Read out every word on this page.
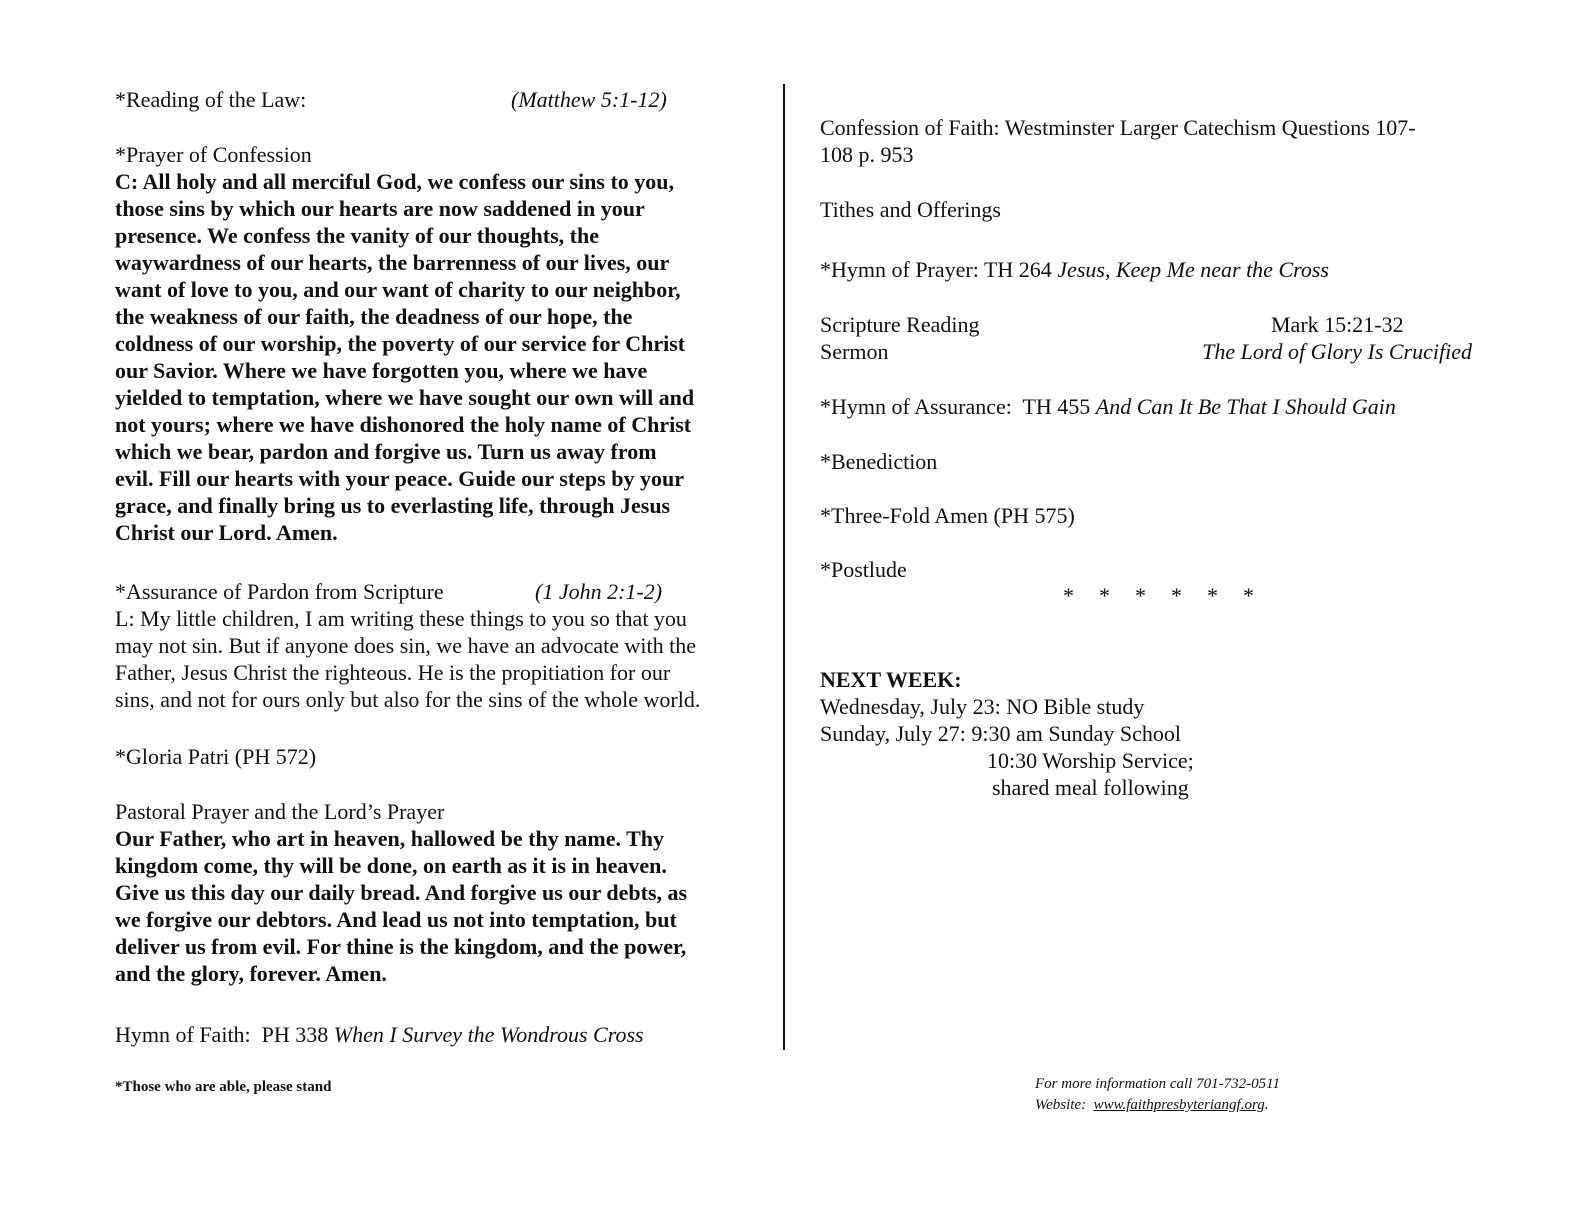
*Reading of the Law:	(Matthew 5:1-12)

*Prayer of Confession

C: All holy and all merciful God, we confess our sins to you,

those sins by which our hearts are now saddened in your

presence. We confess the vanity of our thoughts, the

waywardness of our hearts, the barrenness of our lives, our

want of love to you, and our want of charity to our neighbor,

the weakness of our faith, the deadness of our hope, the

coldness of our worship, the poverty of our service for Christ

our Savior. Where we have forgotten you, where we have

yielded to temptation, where we have sought our own will and

not yours; where we have dishonored the holy name of Christ

which we bear, pardon and forgive us. Turn us away from

evil. Fill our hearts with your peace. Guide our steps by your

grace, and finally bring us to everlasting life, through Jesus

Christ our Lord. Amen.

*Assurance of Pardon from Scripture	(1 John 2:1-2)

L: My little children, I am writing these things to you so that you

may not sin. But if anyone does sin, we have an advocate with the

Father, Jesus Christ the righteous. He is the propitiation for our

sins, and not for ours only but also for the sins of the whole world.

*Gloria Patri (PH 572)

Pastoral Prayer and the Lord’s Prayer

Our Father, who art in heaven, hallowed be thy name. Thy

kingdom come, thy will be done, on earth as it is in heaven.

Give us this day our daily bread. And forgive us our debts, as

we forgive our debtors. And lead us not into temptation, but

deliver us from evil. For thine is the kingdom, and the power,

and the glory, forever. Amen.

Hymn of Faith:  PH 338 When I Survey the Wondrous Cross

Confession of Faith: Westminster Larger Catechism Questions 107-

108 p. 953

Tithes and Offerings
*Hymn of Prayer: TH 264 Jesus, Keep Me near the Cross
Scripture Reading	Mark 15:21-32
Sermon	The Lord of Glory Is Crucified
*Hymn of Assurance:  TH 455 And Can It Be That I Should Gain
*Benediction
*Three-Fold Amen (PH 575)
*Postlude

NEXT WEEK:

Wednesday, July 23: NO Bible study

Sunday, July 27: 9:30 am Sunday School

10:30 Worship Service;

shared meal following

* * * * * *
*Those who are able, please stand	For more information call 701-732-0511
Website:  www.faithpresbyteriangf.org.
